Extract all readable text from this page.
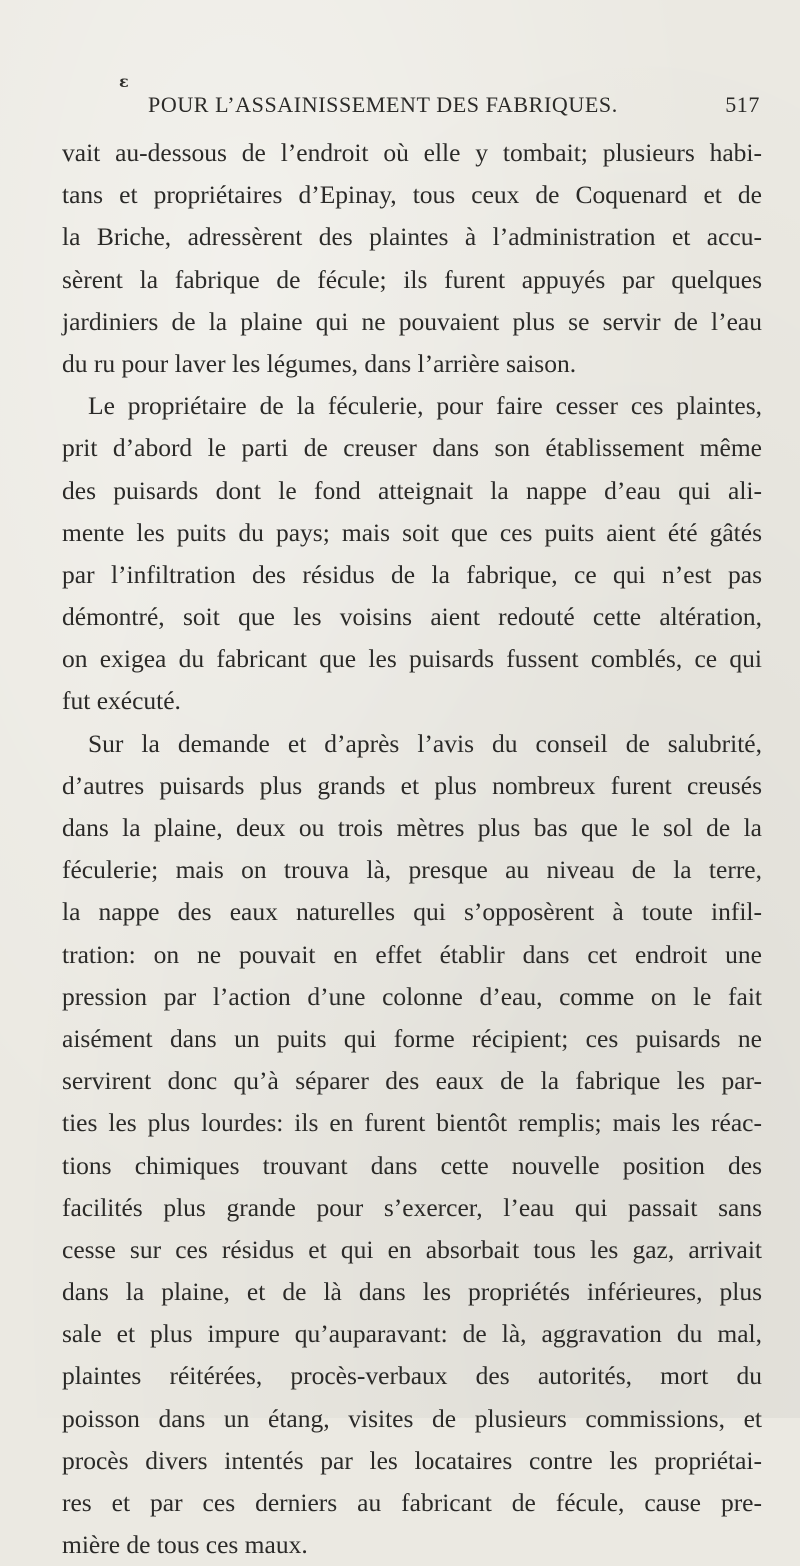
ε
POUR L’ASSAINISSEMENT DES FABRIQUES.	517
vait au-dessous de l’endroit où elle y tombait; plusieurs habi-
tans et propriétaires d’Epinay, tous ceux de Coquenard et de
la Briche, adressèrent des plaintes à l’administration et accu-
sèrent la fabrique de fécule; ils furent appuyés par quelques
jardiniers de la plaine qui ne pouvaient plus se servir de l’eau
du ru pour laver les légumes, dans l’arrière saison.
Le propriétaire de la féculerie, pour faire cesser ces plaintes,
prit d’abord le parti de creuser dans son établissement même
des puisards dont le fond atteignait la nappe d’eau qui ali-
mente les puits du pays; mais soit que ces puits aient été gâtés
par l’infiltration des résidus de la fabrique, ce qui n’est pas
démontré, soit que les voisins aient redouté cette altération,
on exigea du fabricant que les puisards fussent comblés, ce qui
fut exécuté.
Sur la demande et d’après l’avis du conseil de salubrité,
d’autres puisards plus grands et plus nombreux furent creusés
dans la plaine, deux ou trois mètres plus bas que le sol de la
féculerie; mais on trouva là, presque au niveau de la terre,
la nappe des eaux naturelles qui s’opposèrent à toute infil-
tration: on ne pouvait en effet établir dans cet endroit une
pression par l’action d’une colonne d’eau, comme on le fait
aisément dans un puits qui forme récipient; ces puisards ne
servirent donc qu’à séparer des eaux de la fabrique les par-
ties les plus lourdes: ils en furent bientôt remplis; mais les réac-
tions chimiques trouvant dans cette nouvelle position des
facilités plus grande pour s’exercer, l’eau qui passait sans
cesse sur ces résidus et qui en absorbait tous les gaz, arrivait
dans la plaine, et de là dans les propriétés inférieures, plus
sale et plus impure qu’auparavant: de là, aggravation du mal,
plaintes réitérées, procès-verbaux des autorités, mort du
poisson dans un étang, visites de plusieurs commissions, et
procès divers intentés par les locataires contre les propriétai-
res et par ces derniers au fabricant de fécule, cause pre-
mière de tous ces maux.
